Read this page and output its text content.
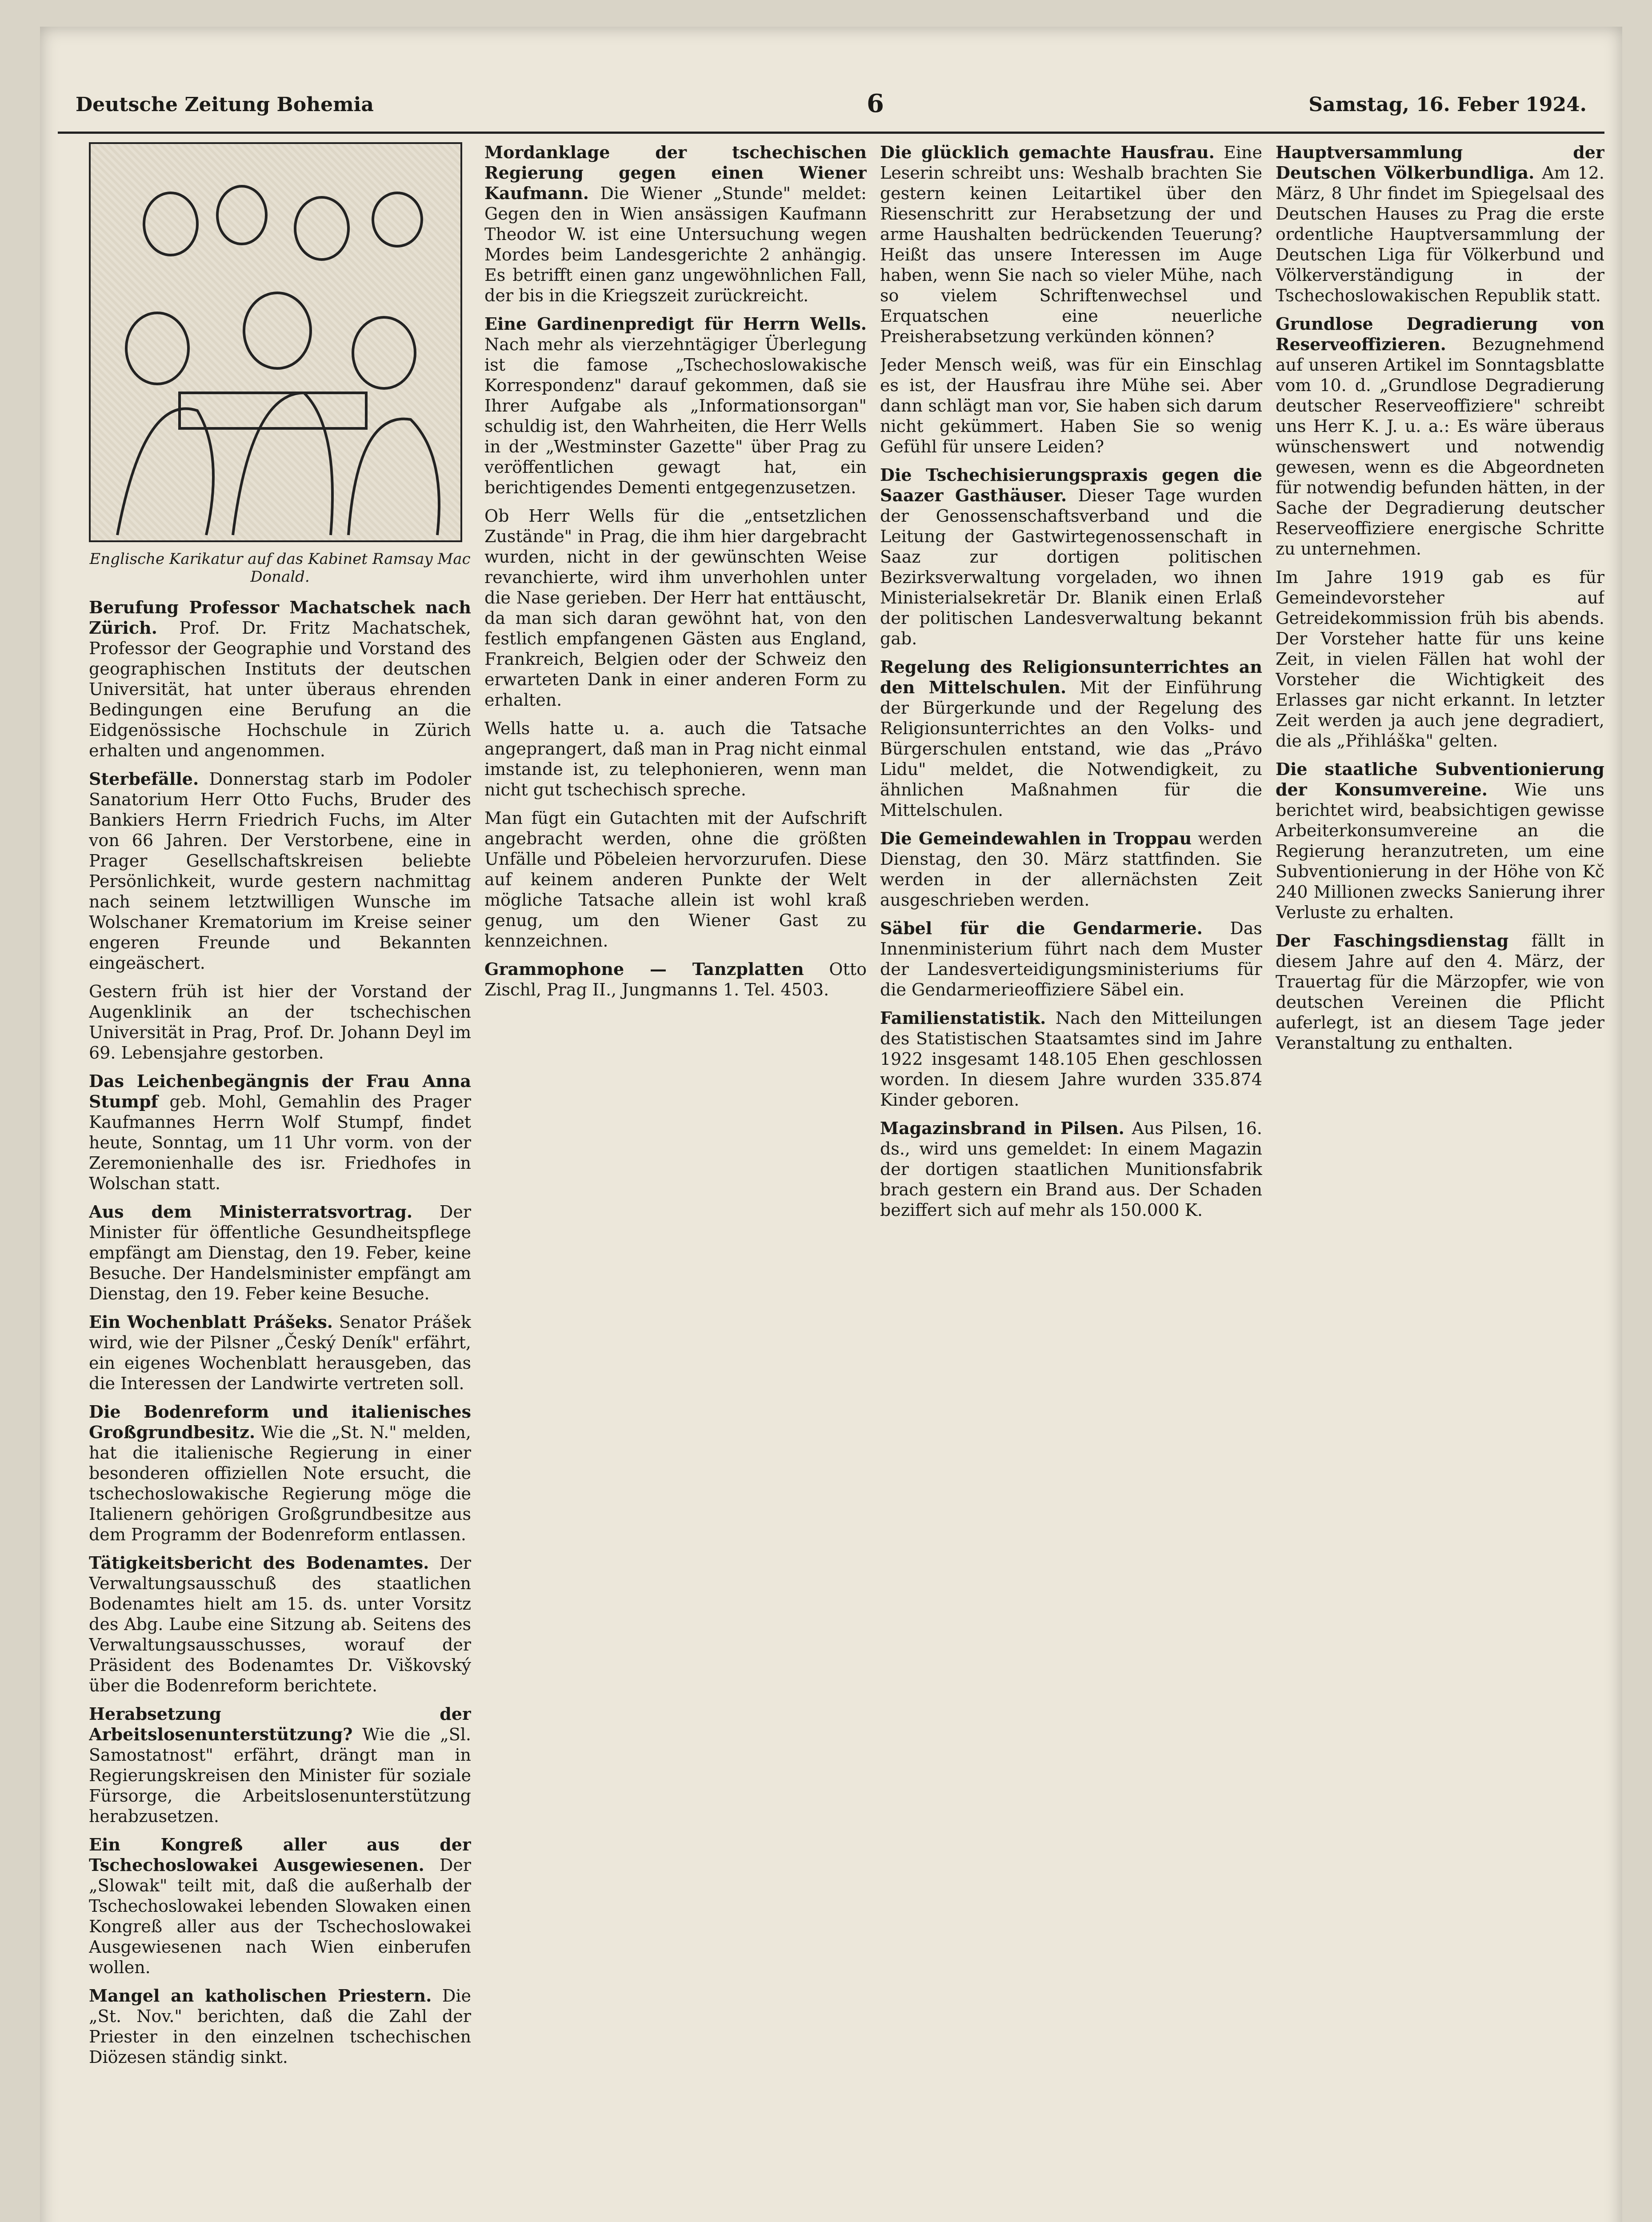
Deutsche Zeitung Bohemia	6	Samstag, 16. Feber 1924.
Englische Karikatur auf das Kabinet Ramsay Mac Donald.

Berufung Professor Machatschek nach Zürich. Prof. Dr. Fritz Machatschek, Professor der Geographie und Vorstand des geographischen Instituts der deutschen Universität, hat unter überaus ehrenden Bedingungen eine Berufung an die Eidgenössische Hochschule in Zürich erhalten und angenommen.

Sterbefälle. Donnerstag starb im Podoler Sanatorium Herr Otto Fuchs, Bruder des Bankiers Herrn Friedrich Fuchs, im Alter von 66 Jahren. Der Verstorbene, eine in Prager Gesellschaftskreisen beliebte Persönlichkeit, wurde gestern nachmittag nach seinem letztwilligen Wunsche im Wolschaner Krematorium im Kreise seiner engeren Freunde und Bekannten eingeäschert.

Gestern früh ist hier der Vorstand der Augenklinik an der tschechischen Universität in Prag, Prof. Dr. Johann Deyl im 69. Lebensjahre gestorben.

Das Leichenbegängnis der Frau Anna Stumpf geb. Mohl, Gemahlin des Prager Kaufmannes Herrn Wolf Stumpf, findet heute, Sonntag, um 11 Uhr vorm. von der Zeremonienhalle des isr. Friedhofes in Wolschan statt.

Aus dem Ministerratsvortrag. Der Minister für öffentliche Gesundheitspflege empfängt am Dienstag, den 19. Feber, keine Besuche. Der Handelsminister empfängt am Dienstag, den 19. Feber keine Besuche.

Ein Wochenblatt Prášeks. Senator Prášek wird, wie der Pilsner „Český Deník" erfährt, ein eigenes Wochenblatt herausgeben, das die Interessen der Landwirte vertreten soll.

Die Bodenreform und italienisches Großgrundbesitz. Wie die „St. N." melden, hat die italienische Regierung in einer besonderen offiziellen Note ersucht, die tschechoslowakische Regierung möge die Italienern gehörigen Großgrundbesitze aus dem Programm der Bodenreform entlassen.

Tätigkeitsbericht des Bodenamtes. Der Verwaltungsausschuß des staatlichen Bodenamtes hielt am 15. ds. unter Vorsitz des Abg. Laube eine Sitzung ab. Seitens des Verwaltungsausschusses, worauf der Präsident des Bodenamtes Dr. Viškovský über die Bodenreform berichtete.

Herabsetzung der Arbeitslosenunterstützung? Wie die „Sl. Samostatnost" erfährt, drängt man in Regierungskreisen den Minister für soziale Fürsorge, die Arbeitslosenunterstützung herabzusetzen.

Ein Kongreß aller aus der Tschechoslowakei Ausgewiesenen. Der „Slowak" teilt mit, daß die außerhalb der Tschechoslowakei lebenden Slowaken einen Kongreß aller aus der Tschechoslowakei Ausgewiesenen nach Wien einberufen wollen.

Mangel an katholischen Priestern. Die „St. Nov." berichten, daß die Zahl der Priester in den einzelnen tschechischen Diözesen ständig sinkt.

Mordanklage der tschechischen Regierung gegen einen Wiener Kaufmann. Die Wiener „Stunde" meldet: Gegen den in Wien ansässigen Kaufmann Theodor W. ist eine Untersuchung wegen Mordes beim Landesgerichte 2 anhängig. Es betrifft einen ganz ungewöhnlichen Fall, der bis in die Kriegszeit zurückreicht.

Eine Gardinenpredigt für Herrn Wells. Nach mehr als vierzehntägiger Überlegung ist die famose „Tschechoslowakische Korrespondenz" darauf gekommen, daß sie Ihrer Aufgabe als „Informationsorgan" schuldig ist, den Wahrheiten, die Herr Wells in der „Westminster Gazette" über Prag zu veröffentlichen gewagt hat, ein berichtigendes Dementi entgegenzusetzen.

Ob Herr Wells für die „entsetzlichen Zustände" in Prag, die ihm hier dargebracht wurden, nicht in der gewünschten Weise revanchierte, wird ihm unverhohlen unter die Nase gerieben. Der Herr hat enttäuscht, da man sich daran gewöhnt hat, von den festlich empfangenen Gästen aus England, Frankreich, Belgien oder der Schweiz den erwarteten Dank in einer anderen Form zu erhalten.

Wells hatte u. a. auch die Tatsache angeprangert, daß man in Prag nicht einmal imstande ist, zu telephonieren, wenn man nicht gut tschechisch spreche.

Man fügt ein Gutachten mit der Aufschrift angebracht werden, ohne die größten Unfälle und Pöbeleien hervorzurufen. Diese auf keinem anderen Punkte der Welt mögliche Tatsache allein ist wohl kraß genug, um den Wiener Gast zu kennzeichnen.

Grammophone — Tanzplatten Otto Zischl, Prag II., Jungmanns 1. Tel. 4503.

Die glücklich gemachte Hausfrau. Eine Leserin schreibt uns: Weshalb brachten Sie gestern keinen Leitartikel über den Riesenschritt zur Herabsetzung der und arme Haushalten bedrückenden Teuerung? Heißt das unsere Interessen im Auge haben, wenn Sie nach so vieler Mühe, nach so vielem Schriftenwechsel und Erquatschen eine neuerliche Preisherabsetzung verkünden können?

Jeder Mensch weiß, was für ein Einschlag es ist, der Hausfrau ihre Mühe sei. Aber dann schlägt man vor, Sie haben sich darum nicht gekümmert. Haben Sie so wenig Gefühl für unsere Leiden?

Die Tschechisierungspraxis gegen die Saazer Gasthäuser. Dieser Tage wurden der Genossenschaftsverband und die Leitung der Gastwirtegenossenschaft in Saaz zur dortigen politischen Bezirksverwaltung vorgeladen, wo ihnen Ministerialsekretär Dr. Blanik einen Erlaß der politischen Landesverwaltung bekannt gab.

Regelung des Religionsunterrichtes an den Mittelschulen. Mit der Einführung der Bürgerkunde und der Regelung des Religionsunterrichtes an den Volks- und Bürgerschulen entstand, wie das „Právo Lidu" meldet, die Notwendigkeit, zu ähnlichen Maßnahmen für die Mittelschulen.

Die Gemeindewahlen in Troppau werden Dienstag, den 30. März stattfinden. Sie werden in der allernächsten Zeit ausgeschrieben werden.

Säbel für die Gendarmerie. Das Innenministerium führt nach dem Muster der Landesverteidigungsministeriums für die Gendarmerieoffiziere Säbel ein.

Familienstatistik. Nach den Mitteilungen des Statistischen Staatsamtes sind im Jahre 1922 insgesamt 148.105 Ehen geschlossen worden. In diesem Jahre wurden 335.874 Kinder geboren.

Magazinsbrand in Pilsen. Aus Pilsen, 16. ds., wird uns gemeldet: In einem Magazin der dortigen staatlichen Munitionsfabrik brach gestern ein Brand aus. Der Schaden beziffert sich auf mehr als 150.000 K.

Hauptversammlung der Deutschen Völkerbundliga. Am 12. März, 8 Uhr findet im Spiegelsaal des Deutschen Hauses zu Prag die erste ordentliche Hauptversammlung der Deutschen Liga für Völkerbund und Völkerverständigung in der Tschechoslowakischen Republik statt.

Grundlose Degradierung von Reserveoffizieren. Bezugnehmend auf unseren Artikel im Sonntagsblatte vom 10. d. „Grundlose Degradierung deutscher Reserveoffiziere" schreibt uns Herr K. J. u. a.: Es wäre überaus wünschenswert und notwendig gewesen, wenn es die Abgeordneten für notwendig befunden hätten, in der Sache der Degradierung deutscher Reserveoffiziere energische Schritte zu unternehmen.

Im Jahre 1919 gab es für Gemeindevorsteher auf Getreidekommission früh bis abends. Der Vorsteher hatte für uns keine Zeit, in vielen Fällen hat wohl der Vorsteher die Wichtigkeit des Erlasses gar nicht erkannt. In letzter Zeit werden ja auch jene degradiert, die als „Přihláška" gelten.

Die staatliche Subventionierung der Konsumvereine. Wie uns berichtet wird, beabsichtigen gewisse Arbeiterkonsumvereine an die Regierung heranzutreten, um eine Subventionierung in der Höhe von Kč 240 Millionen zwecks Sanierung ihrer Verluste zu erhalten.

Der Faschingsdienstag fällt in diesem Jahre auf den 4. März, der Trauertag für die Märzopfer, wie von deutschen Vereinen die Pflicht auferlegt, ist an diesem Tage jeder Veranstaltung zu enthalten.
